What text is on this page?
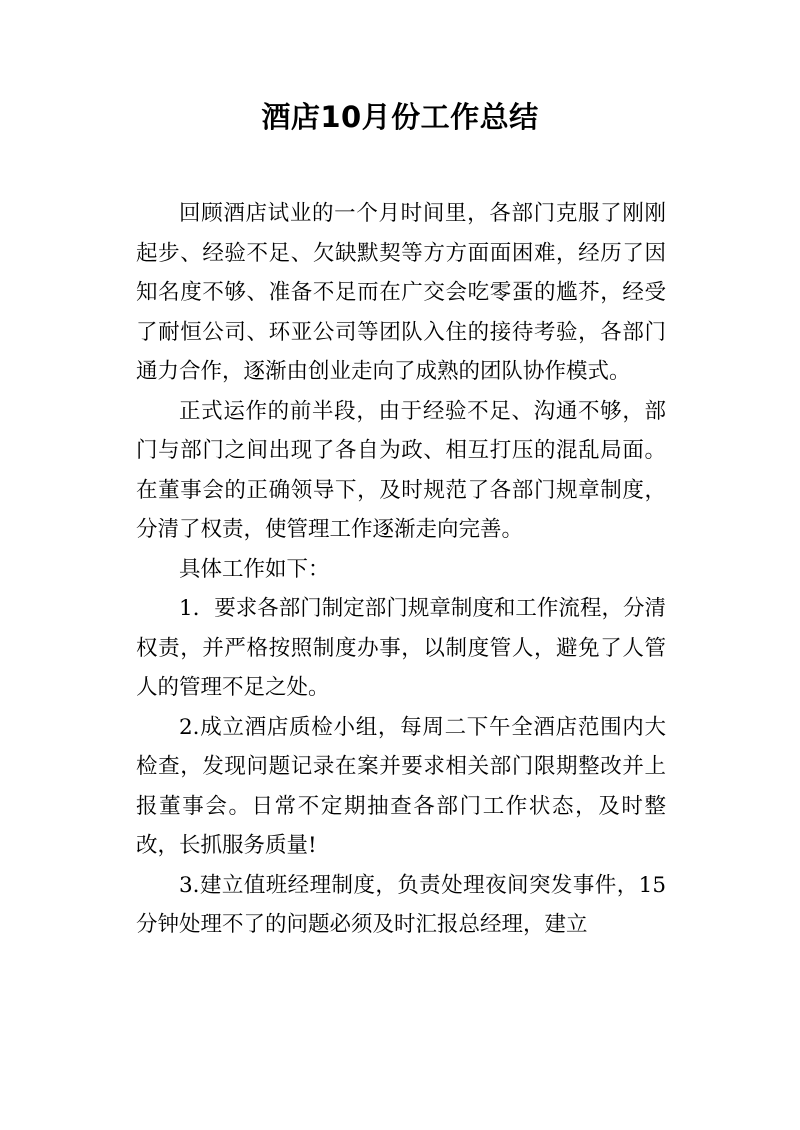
酒店10月份工作总结

回顾酒店试业的一个月时间里，各部门克服了刚刚起步、经验不足、欠缺默契等方方面面困难，经历了因知名度不够、准备不足而在广交会吃零蛋的尴芥，经受了耐恒公司、环亚公司等团队入住的接待考验，各部门通力合作，逐渐由创业走向了成熟的团队协作模式。

正式运作的前半段，由于经验不足、沟通不够，部门与部门之间出现了各自为政、相互打压的混乱局面。在董事会的正确领导下，及时规范了各部门规章制度，分清了权责，使管理工作逐渐走向完善。

具体工作如下：

1．要求各部门制定部门规章制度和工作流程，分清权责，并严格按照制度办事，以制度管人，避免了人管人的管理不足之处。

2.成立酒店质检小组，每周二下午全酒店范围内大检查，发现问题记录在案并要求相关部门限期整改并上报董事会。日常不定期抽查各部门工作状态，及时整改，长抓服务质量!

3.建立值班经理制度，负责处理夜间突发事件，15分钟处理不了的问题必须及时汇报总经理，建立
